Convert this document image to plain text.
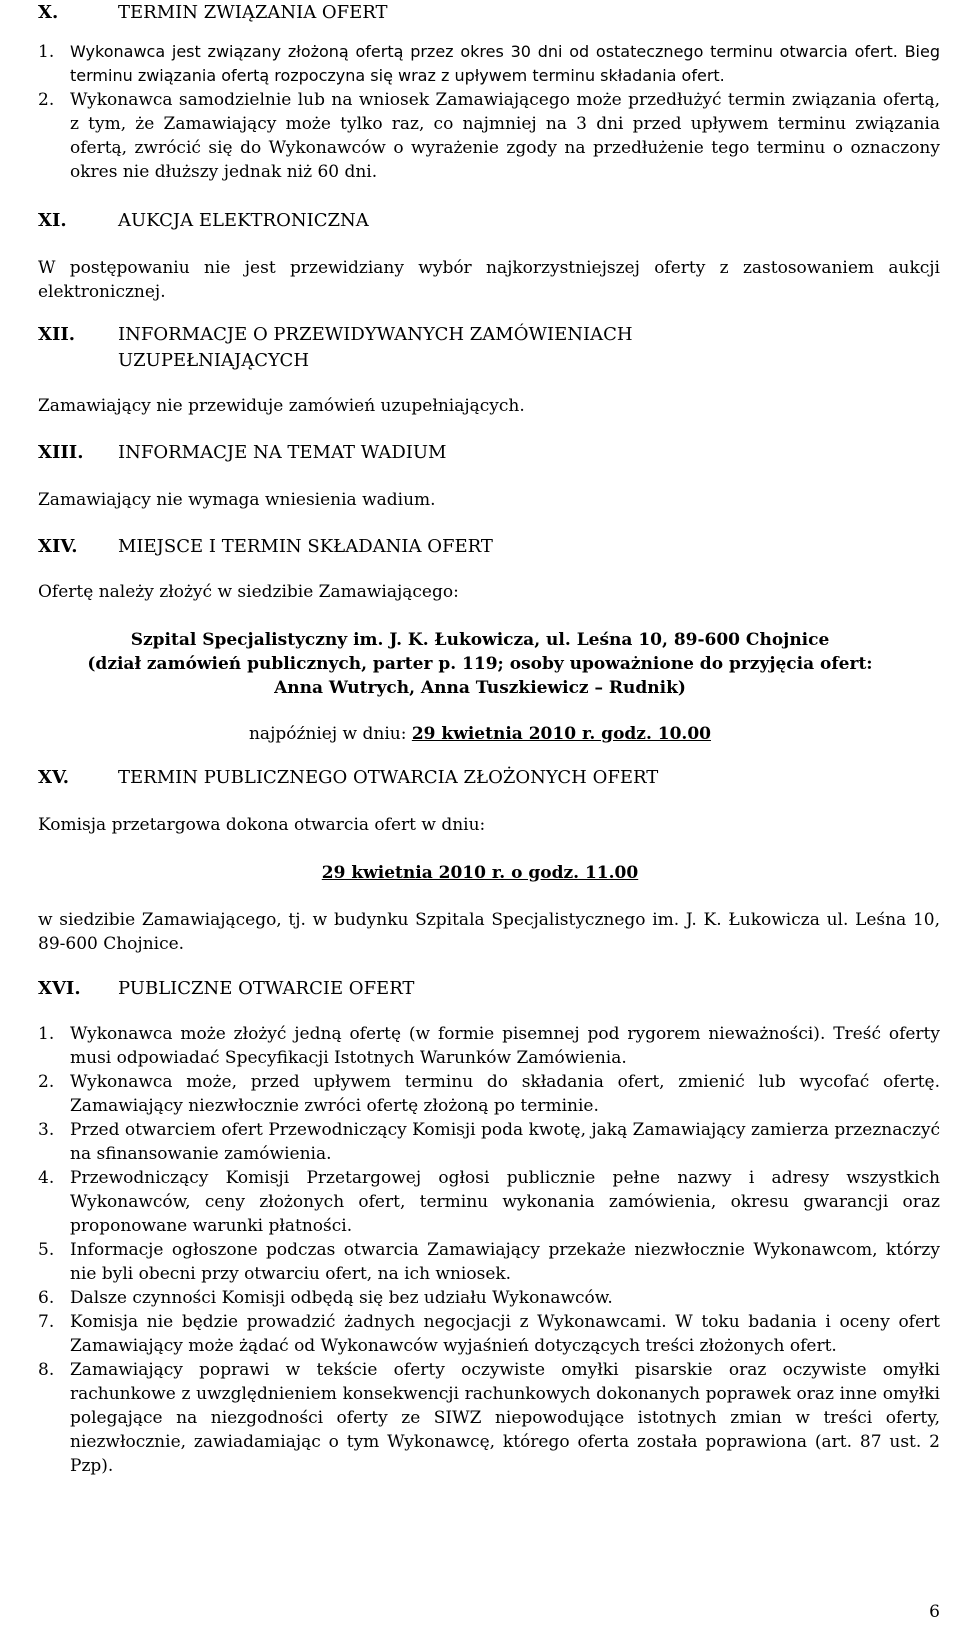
X.	TERMIN ZWIĄZANIA OFERT
1. Wykonawca jest związany złożoną ofertą przez okres 30 dni od ostatecznego terminu otwarcia ofert. Bieg terminu związania ofertą rozpoczyna się wraz z upływem terminu składania ofert.
2. Wykonawca samodzielnie lub na wniosek Zamawiającego może przedłużyć termin związania ofertą, z tym, że Zamawiający może tylko raz, co najmniej na 3 dni przed upływem terminu związania ofertą, zwrócić się do Wykonawców o wyrażenie zgody na przedłużenie tego terminu o oznaczony okres nie dłuższy jednak niż 60 dni.
XI.	AUKCJA ELEKTRONICZNA
W postępowaniu nie jest przewidziany wybór najkorzystniejszej oferty z zastosowaniem aukcji elektronicznej.
XII. INFORMACJE O PRZEWIDYWANYCH ZAMÓWIENIACH UZUPEŁNIAJĄCYCH
Zamawiający nie przewiduje zamówień uzupełniających.
XIII. INFORMACJE NA TEMAT WADIUM
Zamawiający nie wymaga wniesienia wadium.
XIV. MIEJSCE I TERMIN SKŁADANIA OFERT
Ofertę należy złożyć w siedzibie Zamawiającego:
Szpital Specjalistyczny im. J. K. Łukowicza, ul. Leśna 10, 89-600 Chojnice
(dział zamówień publicznych, parter p. 119; osoby upoważnione do przyjęcia ofert:
Anna Wutrych, Anna Tuszkiewicz – Rudnik)
najpóźniej w dniu: 29 kwietnia 2010 r. godz. 10.00
XV.	TERMIN PUBLICZNEGO OTWARCIA ZŁOŻONYCH OFERT
Komisja przetargowa dokona otwarcia ofert w dniu:
29 kwietnia 2010 r. o godz. 11.00
w siedzibie Zamawiającego, tj. w budynku Szpitala Specjalistycznego im. J. K. Łukowicza ul. Leśna 10, 89-600 Chojnice.
XVI. PUBLICZNE OTWARCIE OFERT
1. Wykonawca może złożyć jedną ofertę (w formie pisemnej pod rygorem nieważności). Treść oferty musi odpowiadać Specyfikacji Istotnych Warunków Zamówienia.
2. Wykonawca może, przed upływem terminu do składania ofert, zmienić lub wycofać ofertę. Zamawiający niezwłocznie zwróci ofertę złożoną po terminie.
3. Przed otwarciem ofert Przewodniczący Komisji poda kwotę, jaką Zamawiający zamierza przeznaczyć na sfinansowanie zamówienia.
4. Przewodniczący Komisji Przetargowej ogłosi publicznie pełne nazwy i adresy wszystkich Wykonawców, ceny złożonych ofert, terminu wykonania zamówienia, okresu gwarancji oraz proponowane warunki płatności.
5. Informacje ogłoszone podczas otwarcia Zamawiający przekaże niezwłocznie Wykonawcom, którzy nie byli obecni przy otwarciu ofert, na ich wniosek.
6. Dalsze czynności Komisji odbędą się bez udziału Wykonawców.
7. Komisja nie będzie prowadzić żadnych negocjacji z Wykonawcami. W toku badania i oceny ofert Zamawiający może żądać od Wykonawców wyjaśnień dotyczących treści złożonych ofert.
8. Zamawiający poprawi w tekście oferty oczywiste omyłki pisarskie oraz oczywiste omyłki rachunkowe z uwzględnieniem konsekwencji rachunkowych dokonanych poprawek oraz inne omyłki polegające na niezgodności oferty ze SIWZ niepowodujące istotnych zmian w treści oferty, niezwłocznie, zawiadamiając o tym Wykonawcę, którego oferta została poprawiona (art. 87 ust. 2 Pzp).
6
